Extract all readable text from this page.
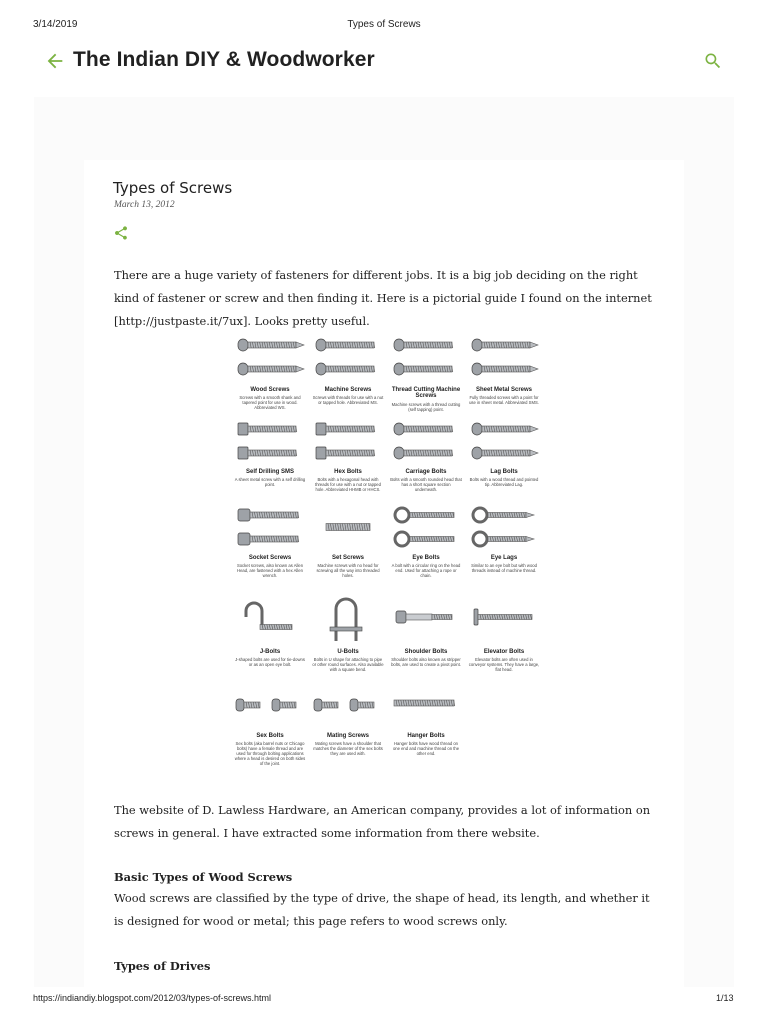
3/14/2019	Types of Screws
The Indian DIY & Woodworker
Types of Screws
March 13, 2012

There are a huge variety of fasteners for different jobs. It is a big job deciding on the right kind of fastener or screw and then finding it. Here is a pictorial guide I found on the internet [http://justpaste.it/7ux]. Looks pretty useful.

Wood Screws
Screws with a smooth shank and tapered point for use in wood. Abbreviated WS.
Machine Screws
Screws with threads for use with a nut or tapped hole. Abbreviated MS.
Thread Cutting Machine Screws
Machine screws with a thread cutting (self tapping) point.
Sheet Metal Screws
Fully threaded screws with a point for use in sheet metal. Abbreviated SMS.
Self Drilling SMS
A sheet metal screw with a self drilling point.
Hex Bolts
Bolts with a hexagonal head with threads for use with a nut or tapped hole. Abbreviated HHMB or HHCS.
Carriage Bolts
Bolts with a smooth rounded head that has a short square section underneath.
Lag Bolts
Bolts with a wood thread and pointed tip. Abbreviated Lag.
Socket Screws
Socket screws, also known as Allen Head, are fastened with a hex Allen wrench.
Set Screws
Machine screws with no head for screwing all the way into threaded holes.
Eye Bolts
A bolt with a circular ring on the head end. Used for attaching a rope or chain.
Eye Lags
Similar to an eye bolt but with wood threads instead of machine thread.
J-Bolts
J-shaped bolts are used for tie-downs or as an open eye bolt.
U-Bolts
Bolts in U shape for attaching to pipe or other round surfaces. Also available with a square bend.
Shoulder Bolts
Shoulder bolts also known as stripper bolts, are used to create a pivot point.
Elevator Bolts
Elevator bolts are often used in conveyor systems. They have a large, flat head.
Sex Bolts
Sex bolts (aka barrel nuts or Chicago bolts) have a female thread and are used for through bolting applications where a head is desired on both sides of the joint.
Mating Screws
Mating screws have a shoulder that matches the diameter of the sex bolts they are used with.
Hanger Bolts
Hanger bolts have wood thread on one end and machine thread on the other end.

The website of D. Lawless Hardware, an American company, provides a lot of information on screws in general. I have extracted some information from there website.

Basic Types of Wood Screws

Wood screws are classified by the type of drive, the shape of head, its length, and whether it is designed for wood or metal; this page refers to wood screws only.

Types of Drives
https://indiandiy.blogspot.com/2012/03/types-of-screws.html	1/13
